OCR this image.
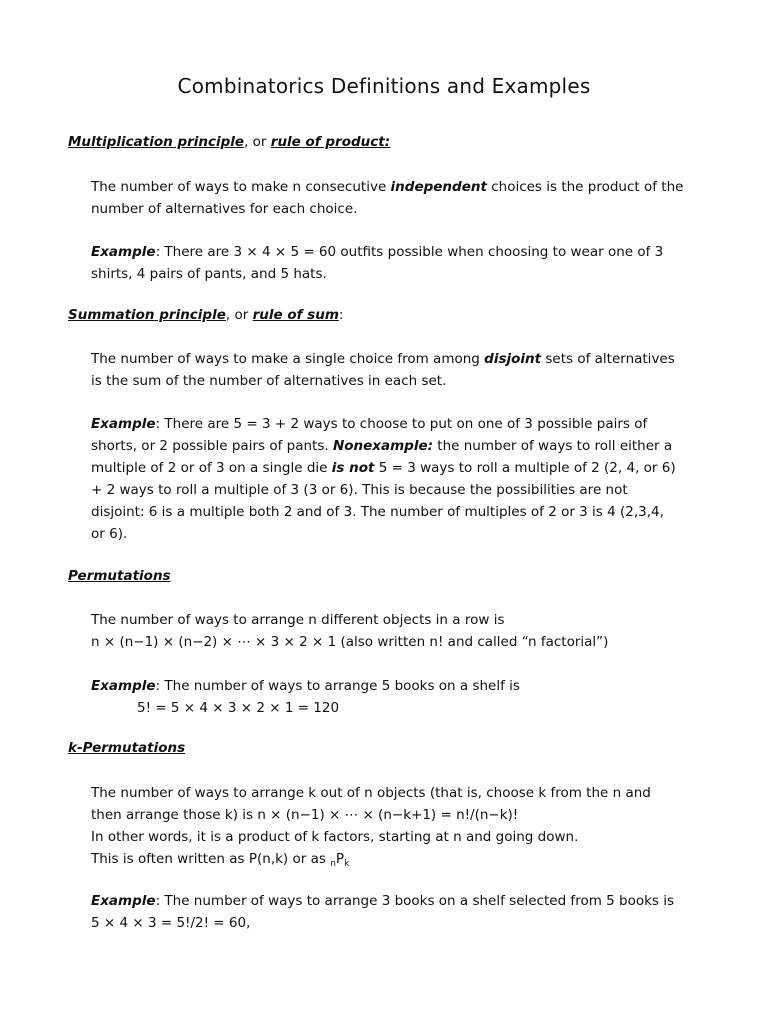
Combinatorics Definitions and Examples

Multiplication principle, or rule of product:

The number of ways to make n consecutive independent choices is the product of the
number of alternatives for each choice.

Example: There are 3 × 4 × 5 = 60 outfits possible when choosing to wear one of 3
shirts, 4 pairs of pants, and 5 hats.

Summation principle, or rule of sum:

The number of ways to make a single choice from among disjoint sets of alternatives
is the sum of the number of alternatives in each set.

Example: There are 5 = 3 + 2 ways to choose to put on one of 3 possible pairs of
shorts, or 2 possible pairs of pants. Nonexample: the number of ways to roll either a
multiple of 2 or of 3 on a single die is not 5 = 3 ways to roll a multiple of 2 (2, 4, or 6)
+ 2 ways to roll a multiple of 3 (3 or 6). This is because the possibilities are not
disjoint: 6 is a multiple both 2 and of 3. The number of multiples of 2 or 3 is 4 (2,3,4,
or 6).

Permutations

The number of ways to arrange n different objects in a row is
n × (n−1) × (n−2) × ⋯ × 3 × 2 × 1 (also written n! and called “n factorial”)

Example: The number of ways to arrange 5 books on a shelf is
5! = 5 × 4 × 3 × 2 × 1 = 120

k-Permutations

The number of ways to arrange k out of n objects (that is, choose k from the n and
then arrange those k) is n × (n−1) × ⋯ × (n−k+1) = n!/(n−k)!
In other words, it is a product of k factors, starting at n and going down.
This is often written as P(n,k) or as $_nP_k$

Example: The number of ways to arrange 3 books on a shelf selected from 5 books is
5 × 4 × 3 = 5!/2! = 60,
